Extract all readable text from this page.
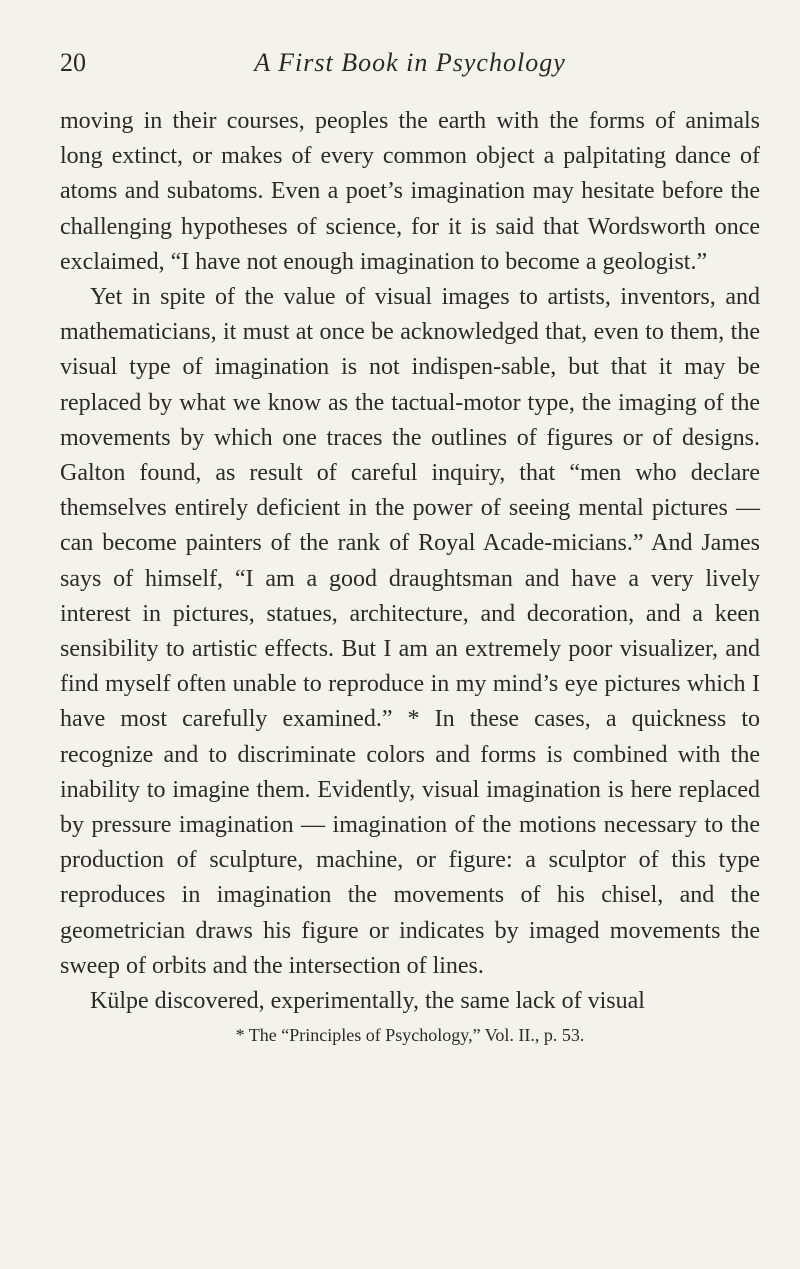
20	A First Book in Psychology

moving in their courses, peoples the earth with the forms of animals long extinct, or makes of every common object a palpitating dance of atoms and subatoms. Even a poet’s imagination may hesitate before the challenging hypotheses of science, for it is said that Wordsworth once exclaimed, “I have not enough imagination to become a geologist.”

Yet in spite of the value of visual images to artists, inventors, and mathematicians, it must at once be acknowledged that, even to them, the visual type of imagination is not indispen-sable, but that it may be replaced by what we know as the tactual-motor type, the imaging of the movements by which one traces the outlines of figures or of designs. Galton found, as result of careful inquiry, that “men who declare themselves entirely deficient in the power of seeing mental pictures — can become painters of the rank of Royal Acade-micians.” And James says of himself, “I am a good draughtsman and have a very lively interest in pictures, statues, architecture, and decoration, and a keen sensibility to artistic effects. But I am an extremely poor visualizer, and find myself often unable to reproduce in my mind’s eye pictures which I have most carefully examined.” * In these cases, a quickness to recognize and to discriminate colors and forms is combined with the inability to imagine them. Evidently, visual imagination is here replaced by pressure imagination — imagination of the motions necessary to the production of sculpture, machine, or figure: a sculptor of this type reproduces in imagination the movements of his chisel, and the geometrician draws his figure or indicates by imaged movements the sweep of orbits and the intersection of lines.

Külpe discovered, experimentally, the same lack of visual

* The “Principles of Psychology,” Vol. II., p. 53.
